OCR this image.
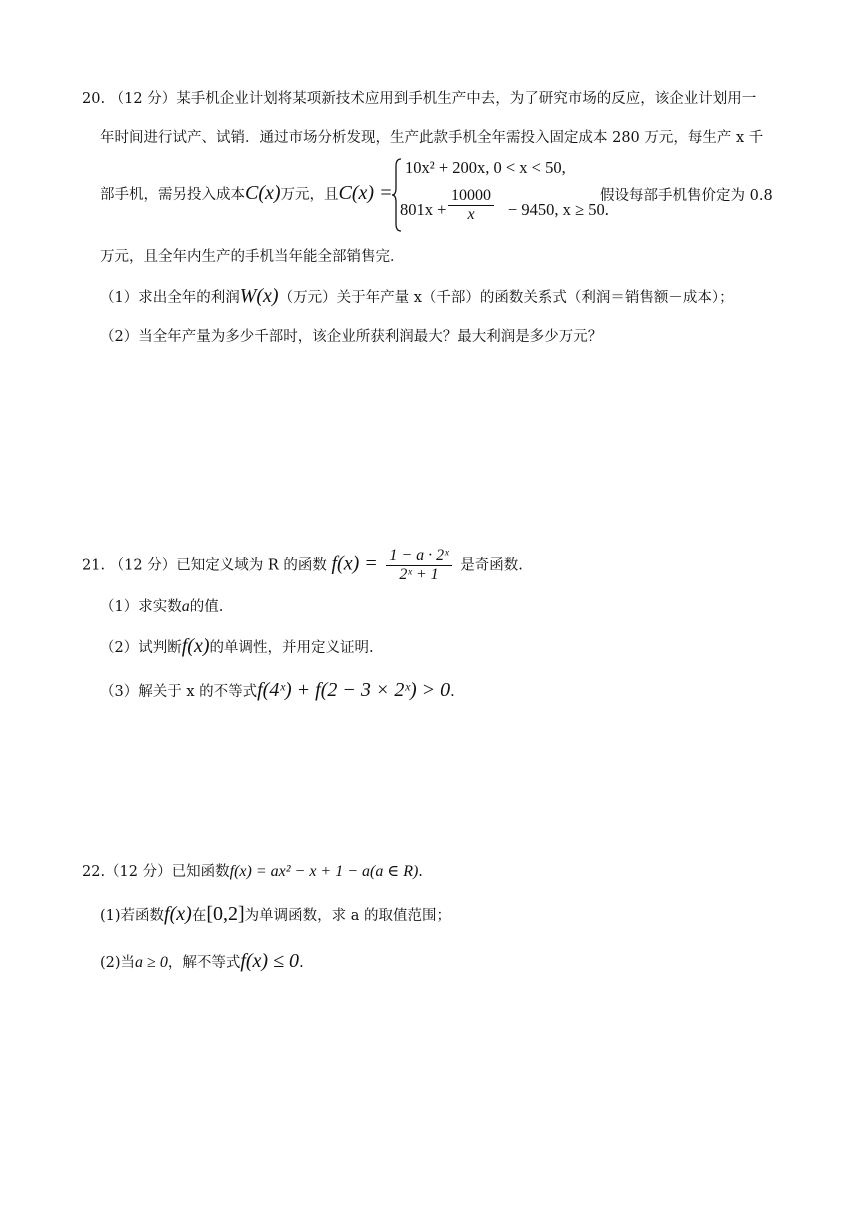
20. （12 分）某手机企业计划将某项新技术应用到手机生产中去，为了研究市场的反应，该企业计划用一
年时间进行试产、试销．通过市场分析发现，生产此款手机全年需投入固定成本 280 万元，每生产 x 千
部手机，需另投入成本C(x)万元，且C(x) =
10x² + 200x, 0 < x < 50,
$801x + \frac{10000}{x} - 9450$, x ≥ 50.
假设每部手机售价定为 0.8
万元，且全年内生产的手机当年能全部销售完．
（1）求出全年的利润W(x)（万元）关于年产量 x（千部）的函数关系式（利润＝销售额－成本）；
（2）当全年产量为多少千部时，该企业所获利润最大？最大利润是多少万元？
21. （12 分）已知定义域为 R 的函数 $f(x) = \frac{\text{1 − a · 2ˣ}}{\text{2ˣ + 1}}$ 是奇函数.
（1）求实数a的值.
（2）试判断f(x)的单调性，并用定义证明.
（3）解关于 x 的不等式f(4ˣ) + f(2 − 3 × 2ˣ) > 0.
22.（12 分）已知函数f(x) = ax² − x + 1 − a(a ∈ R).
(1)若函数f(x)在[0,2]为单调函数，求 a 的取值范围；
(2)当a ≥ 0，解不等式f(x) ≤ 0.
